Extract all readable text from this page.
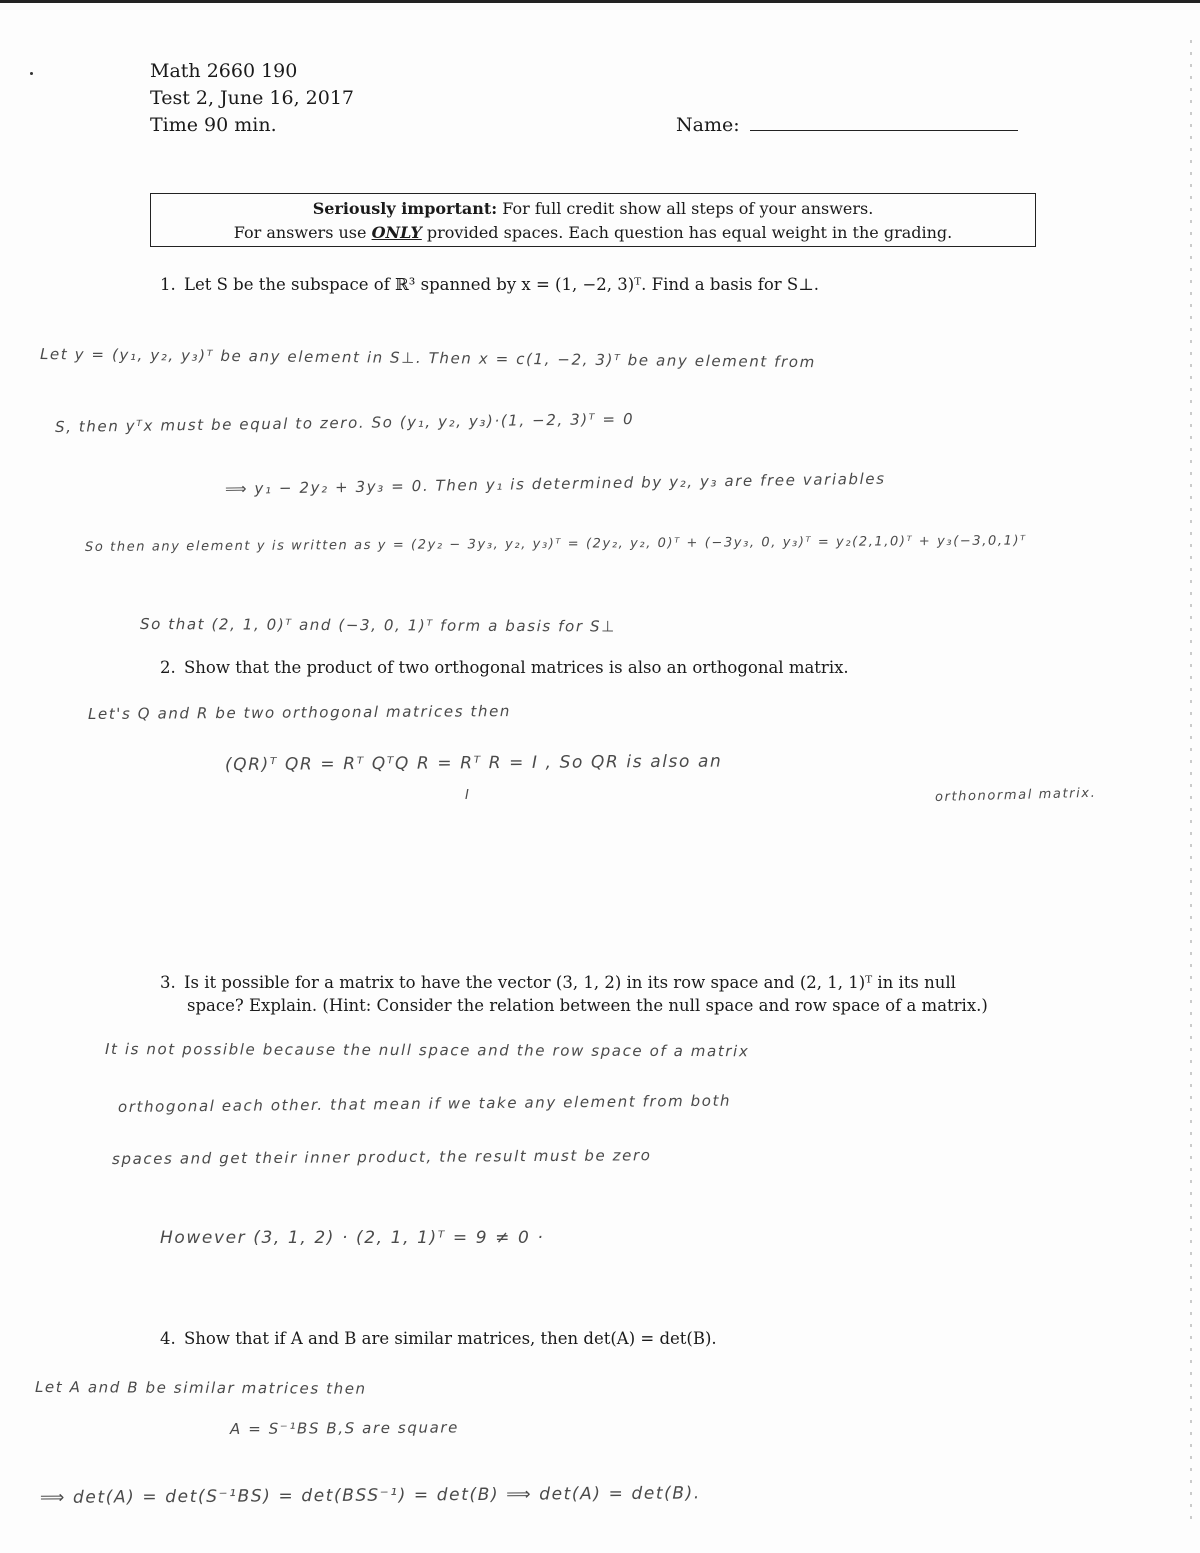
Math 2660 190
Test 2, June 16, 2017
Time 90 min.	Name:
Seriously important: For full credit show all steps of your answers.
For answers use ONLY provided spaces. Each question has equal weight in the grading.
1. Let S be the subspace of ℝ³ spanned by x = (1, −2, 3)ᵀ. Find a basis for S⊥.
Let y = (y₁, y₂, y₃)ᵀ be any element in S⊥. Then x = c(1, −2, 3)ᵀ be any element from
S, then yᵀx must be equal to zero. So (y₁, y₂, y₃)·(1, −2, 3)ᵀ = 0
⟹ y₁ − 2y₂ + 3y₃ = 0. Then y₁ is determined by y₂, y₃ are free variables
So then any element y is written as y = (2y₂ − 3y₃, y₂, y₃)ᵀ = (2y₂, y₂, 0)ᵀ + (−3y₃, 0, y₃)ᵀ = y₂(2,1,0)ᵀ + y₃(−3,0,1)ᵀ
So that (2, 1, 0)ᵀ and (−3, 0, 1)ᵀ form a basis for S⊥
2. Show that the product of two orthogonal matrices is also an orthogonal matrix.
Let's Q and R be two orthogonal matrices then
(QR)ᵀ QR = Rᵀ QᵀQ R = Rᵀ R = I , So QR is also an
orthonormal matrix.
I
3. Is it possible for a matrix to have the vector (3, 1, 2) in its row space and (2, 1, 1)ᵀ in its null
space? Explain. (Hint: Consider the relation between the null space and row space of a matrix.)
It is not possible because the null space and the row space of a matrix
orthogonal each other. that mean if we take any element from both
spaces and get their inner product, the result must be zero
However (3, 1, 2) · (2, 1, 1)ᵀ = 9 ≠ 0 ·
4. Show that if A and B are similar matrices, then det(A) = det(B).
Let A and B be similar matrices then
A = S⁻¹BS B,S are square
⟹ det(A) = det(S⁻¹BS) = det(BSS⁻¹) = det(B) ⟹ det(A) = det(B).
